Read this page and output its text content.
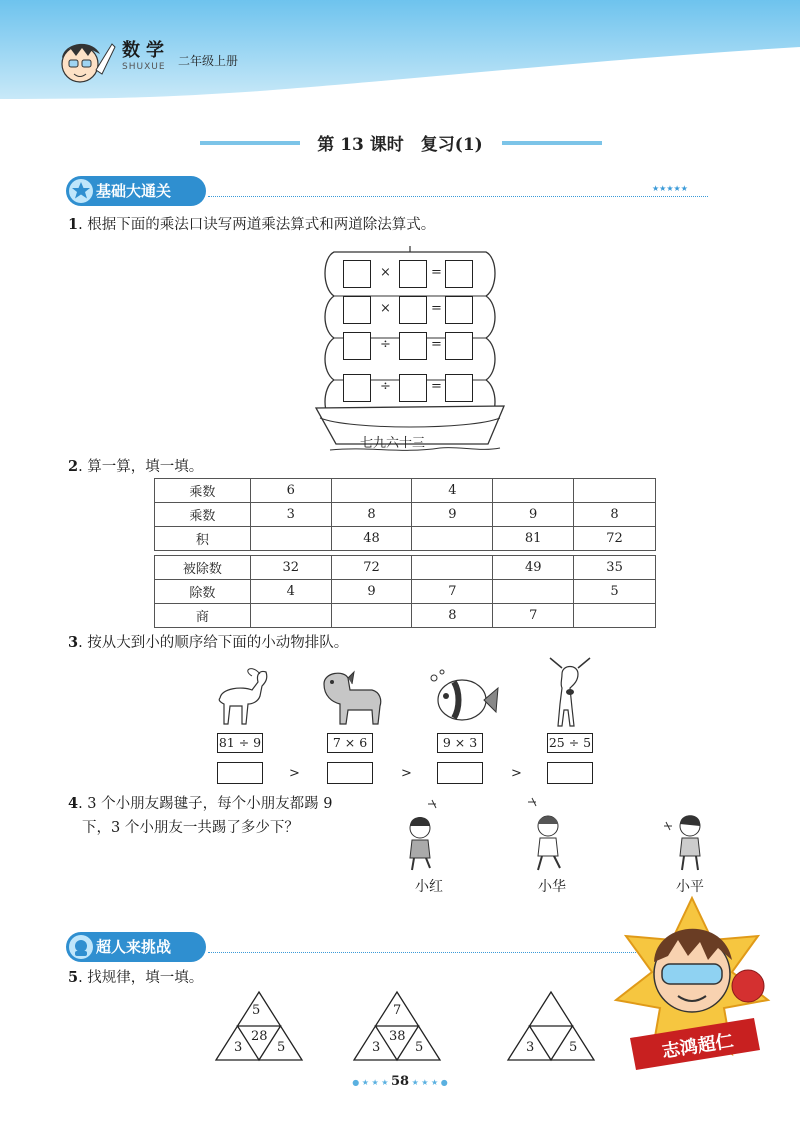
数学
SHUXUE 二年级上册
第 13 课时　复习(1)
基础大通关	★★★★★
1. 根据下面的乘法口诀写两道乘法算式和两道除法算式。
×	=
×	=
÷	=
÷	=
七九六十三
2. 算一算，填一填。
乘数	6		4		
乘数	3	8	9	9	8
积		48		81	72
被除数	32	72		49	35
除数	4	9	7		5
商			8	7	
3. 按从大到小的顺序给下面的小动物排队。
81 ÷ 9	7 × 6	9 × 3	25 ÷ 5
>	>	>
4. 3 个小朋友踢毽子，每个小朋友都踢 9
下，3 个小朋友一共踢了多少下？
小红	小华	小平
超人来挑战
5. 找规律，填一填。
5
28
3	5
7
38
3	5	3	5	志鸿超仁
● ★ ★ ★ 58 ★ ★ ★ ●
